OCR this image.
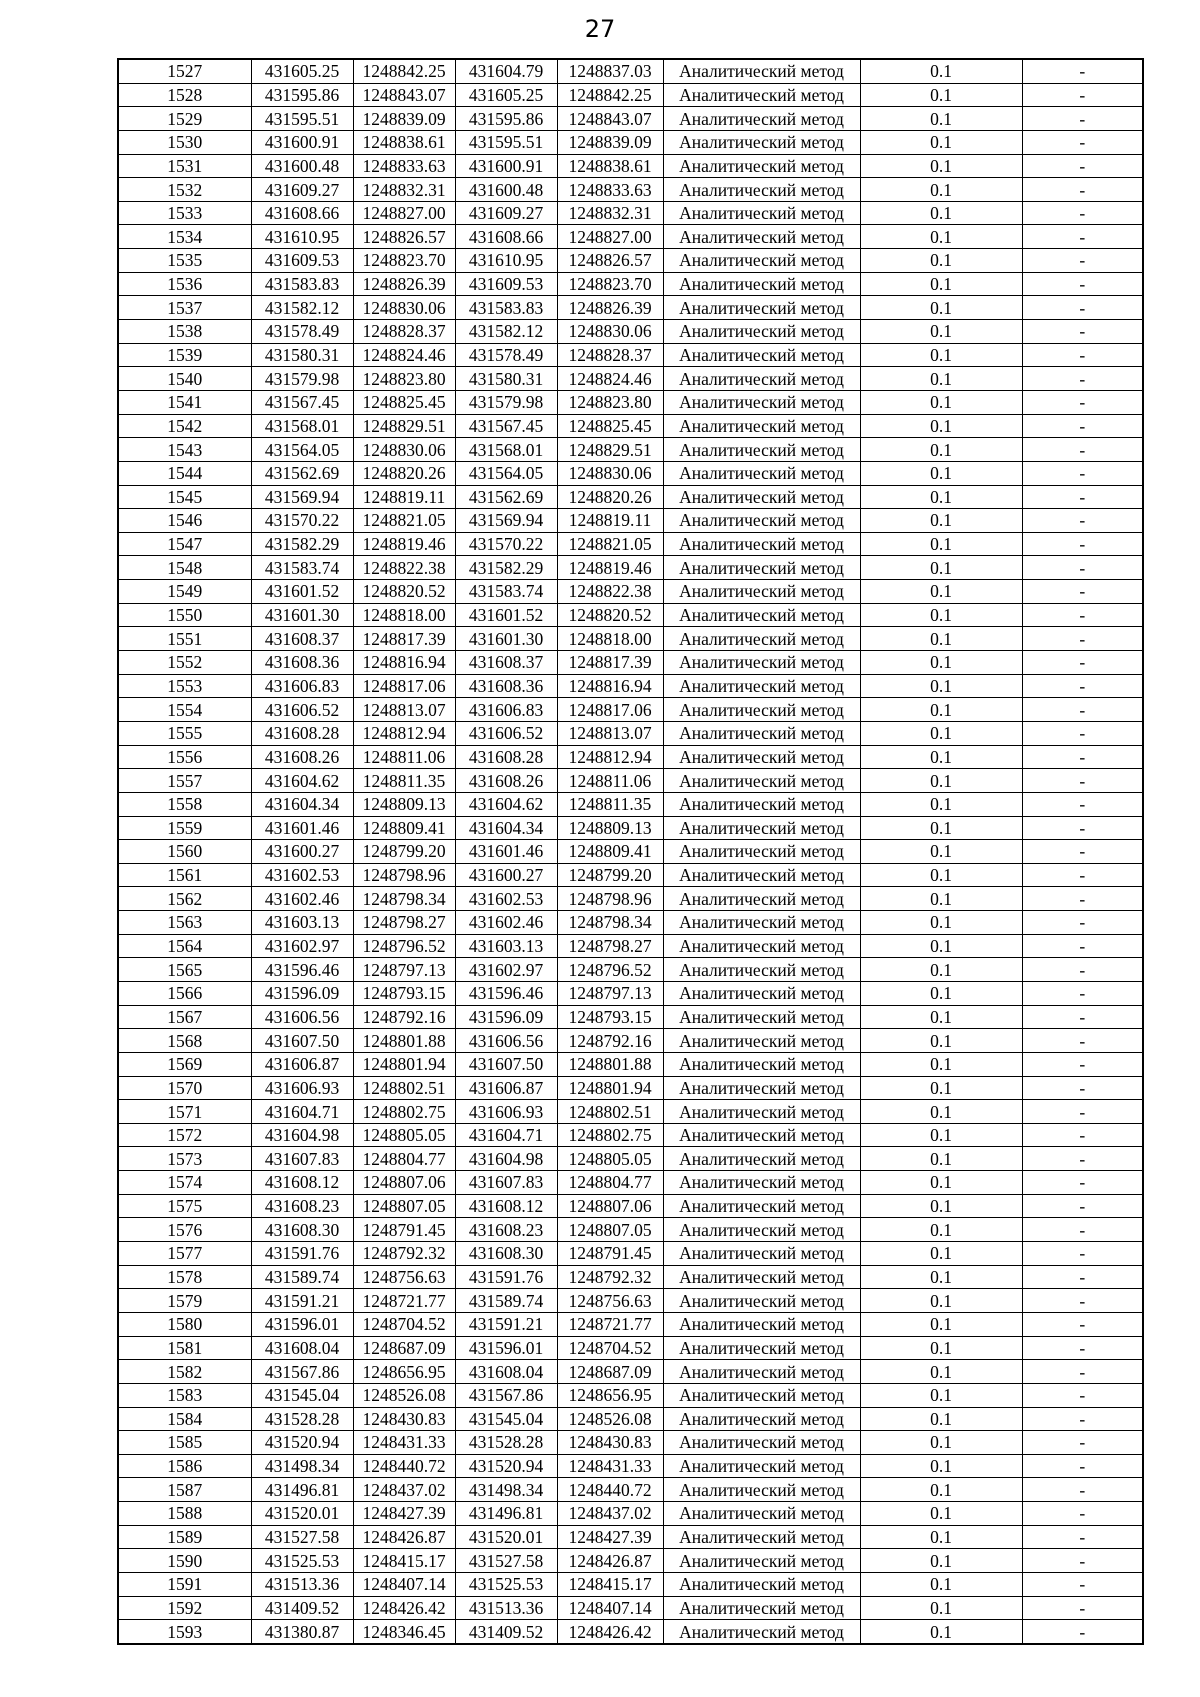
27
1527	431605.25	1248842.25	431604.79	1248837.03	Аналитический метод	0.1	-
1528	431595.86	1248843.07	431605.25	1248842.25	Аналитический метод	0.1	-
1529	431595.51	1248839.09	431595.86	1248843.07	Аналитический метод	0.1	-
1530	431600.91	1248838.61	431595.51	1248839.09	Аналитический метод	0.1	-
1531	431600.48	1248833.63	431600.91	1248838.61	Аналитический метод	0.1	-
1532	431609.27	1248832.31	431600.48	1248833.63	Аналитический метод	0.1	-
1533	431608.66	1248827.00	431609.27	1248832.31	Аналитический метод	0.1	-
1534	431610.95	1248826.57	431608.66	1248827.00	Аналитический метод	0.1	-
1535	431609.53	1248823.70	431610.95	1248826.57	Аналитический метод	0.1	-
1536	431583.83	1248826.39	431609.53	1248823.70	Аналитический метод	0.1	-
1537	431582.12	1248830.06	431583.83	1248826.39	Аналитический метод	0.1	-
1538	431578.49	1248828.37	431582.12	1248830.06	Аналитический метод	0.1	-
1539	431580.31	1248824.46	431578.49	1248828.37	Аналитический метод	0.1	-
1540	431579.98	1248823.80	431580.31	1248824.46	Аналитический метод	0.1	-
1541	431567.45	1248825.45	431579.98	1248823.80	Аналитический метод	0.1	-
1542	431568.01	1248829.51	431567.45	1248825.45	Аналитический метод	0.1	-
1543	431564.05	1248830.06	431568.01	1248829.51	Аналитический метод	0.1	-
1544	431562.69	1248820.26	431564.05	1248830.06	Аналитический метод	0.1	-
1545	431569.94	1248819.11	431562.69	1248820.26	Аналитический метод	0.1	-
1546	431570.22	1248821.05	431569.94	1248819.11	Аналитический метод	0.1	-
1547	431582.29	1248819.46	431570.22	1248821.05	Аналитический метод	0.1	-
1548	431583.74	1248822.38	431582.29	1248819.46	Аналитический метод	0.1	-
1549	431601.52	1248820.52	431583.74	1248822.38	Аналитический метод	0.1	-
1550	431601.30	1248818.00	431601.52	1248820.52	Аналитический метод	0.1	-
1551	431608.37	1248817.39	431601.30	1248818.00	Аналитический метод	0.1	-
1552	431608.36	1248816.94	431608.37	1248817.39	Аналитический метод	0.1	-
1553	431606.83	1248817.06	431608.36	1248816.94	Аналитический метод	0.1	-
1554	431606.52	1248813.07	431606.83	1248817.06	Аналитический метод	0.1	-
1555	431608.28	1248812.94	431606.52	1248813.07	Аналитический метод	0.1	-
1556	431608.26	1248811.06	431608.28	1248812.94	Аналитический метод	0.1	-
1557	431604.62	1248811.35	431608.26	1248811.06	Аналитический метод	0.1	-
1558	431604.34	1248809.13	431604.62	1248811.35	Аналитический метод	0.1	-
1559	431601.46	1248809.41	431604.34	1248809.13	Аналитический метод	0.1	-
1560	431600.27	1248799.20	431601.46	1248809.41	Аналитический метод	0.1	-
1561	431602.53	1248798.96	431600.27	1248799.20	Аналитический метод	0.1	-
1562	431602.46	1248798.34	431602.53	1248798.96	Аналитический метод	0.1	-
1563	431603.13	1248798.27	431602.46	1248798.34	Аналитический метод	0.1	-
1564	431602.97	1248796.52	431603.13	1248798.27	Аналитический метод	0.1	-
1565	431596.46	1248797.13	431602.97	1248796.52	Аналитический метод	0.1	-
1566	431596.09	1248793.15	431596.46	1248797.13	Аналитический метод	0.1	-
1567	431606.56	1248792.16	431596.09	1248793.15	Аналитический метод	0.1	-
1568	431607.50	1248801.88	431606.56	1248792.16	Аналитический метод	0.1	-
1569	431606.87	1248801.94	431607.50	1248801.88	Аналитический метод	0.1	-
1570	431606.93	1248802.51	431606.87	1248801.94	Аналитический метод	0.1	-
1571	431604.71	1248802.75	431606.93	1248802.51	Аналитический метод	0.1	-
1572	431604.98	1248805.05	431604.71	1248802.75	Аналитический метод	0.1	-
1573	431607.83	1248804.77	431604.98	1248805.05	Аналитический метод	0.1	-
1574	431608.12	1248807.06	431607.83	1248804.77	Аналитический метод	0.1	-
1575	431608.23	1248807.05	431608.12	1248807.06	Аналитический метод	0.1	-
1576	431608.30	1248791.45	431608.23	1248807.05	Аналитический метод	0.1	-
1577	431591.76	1248792.32	431608.30	1248791.45	Аналитический метод	0.1	-
1578	431589.74	1248756.63	431591.76	1248792.32	Аналитический метод	0.1	-
1579	431591.21	1248721.77	431589.74	1248756.63	Аналитический метод	0.1	-
1580	431596.01	1248704.52	431591.21	1248721.77	Аналитический метод	0.1	-
1581	431608.04	1248687.09	431596.01	1248704.52	Аналитический метод	0.1	-
1582	431567.86	1248656.95	431608.04	1248687.09	Аналитический метод	0.1	-
1583	431545.04	1248526.08	431567.86	1248656.95	Аналитический метод	0.1	-
1584	431528.28	1248430.83	431545.04	1248526.08	Аналитический метод	0.1	-
1585	431520.94	1248431.33	431528.28	1248430.83	Аналитический метод	0.1	-
1586	431498.34	1248440.72	431520.94	1248431.33	Аналитический метод	0.1	-
1587	431496.81	1248437.02	431498.34	1248440.72	Аналитический метод	0.1	-
1588	431520.01	1248427.39	431496.81	1248437.02	Аналитический метод	0.1	-
1589	431527.58	1248426.87	431520.01	1248427.39	Аналитический метод	0.1	-
1590	431525.53	1248415.17	431527.58	1248426.87	Аналитический метод	0.1	-
1591	431513.36	1248407.14	431525.53	1248415.17	Аналитический метод	0.1	-
1592	431409.52	1248426.42	431513.36	1248407.14	Аналитический метод	0.1	-
1593	431380.87	1248346.45	431409.52	1248426.42	Аналитический метод	0.1	-
